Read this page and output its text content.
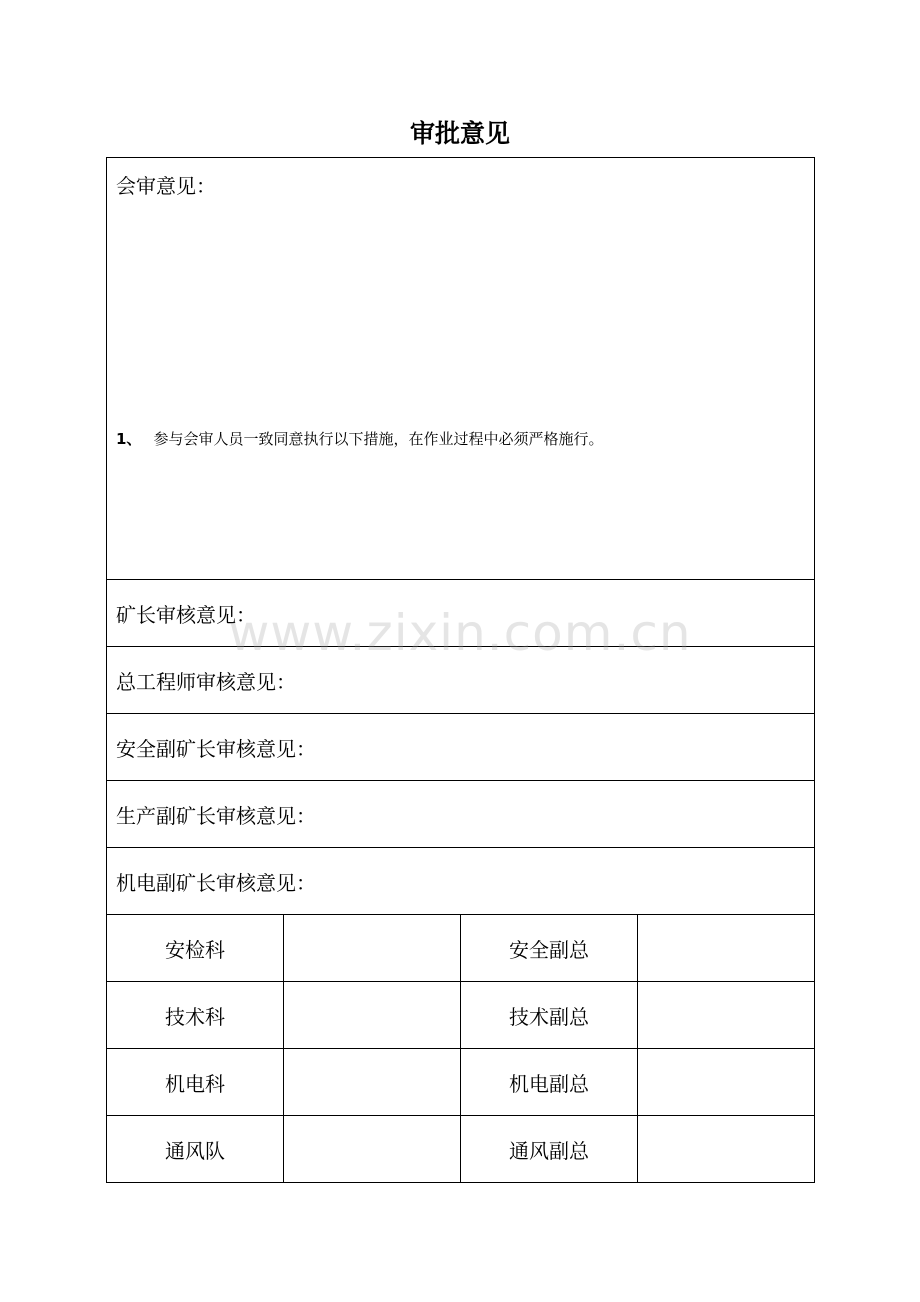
审批意见
会审意见：
1、 参与会审人员一致同意执行以下措施，在作业过程中必须严格施行。			

矿长审核意见：			
总工程师审核意见：			
安全副矿长审核意见：			
生产副矿长审核意见：			
机电副矿长审核意见：			
安检科		安全副总	
技术科		技术副总	
机电科		机电副总	
通风队		通风副总	
www.zixin.com.cn
